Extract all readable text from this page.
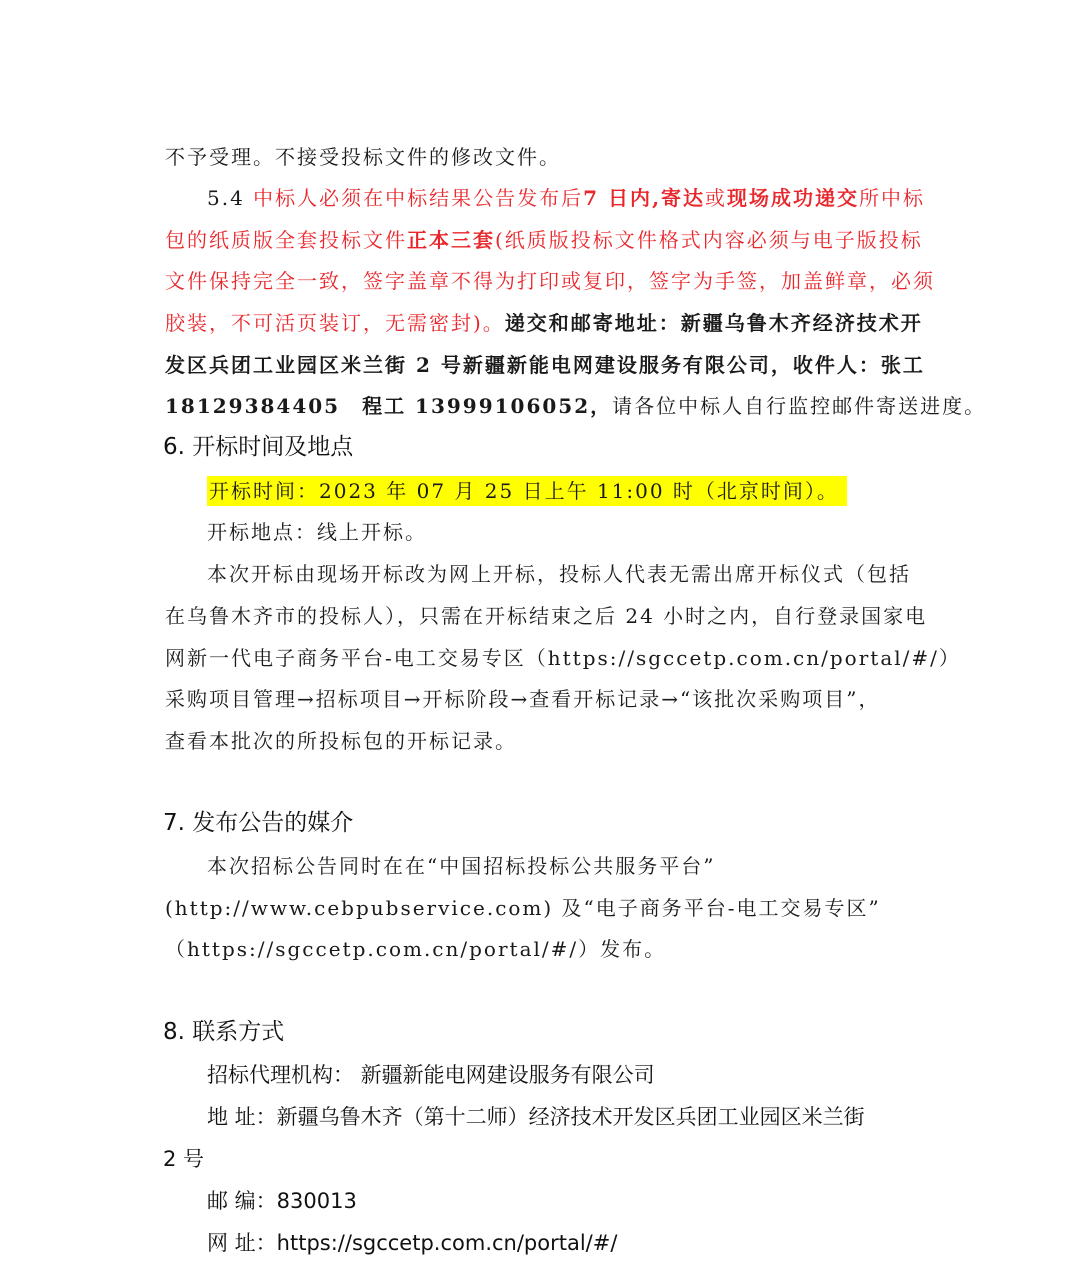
不予受理。不接受投标文件的修改文件。
5.4 中标人必须在中标结果公告发布后7 日内,寄达或现场成功递交所中标
包的纸质版全套投标文件正本三套(纸质版投标文件格式内容必须与电子版投标
文件保持完全一致，签字盖章不得为打印或复印，签字为手签，加盖鲜章，必须
胶装，不可活页装订，无需密封)。递交和邮寄地址：新疆乌鲁木齐经济技术开
发区兵团工业园区米兰街 2 号新疆新能电网建设服务有限公司，收件人：张工
18129384405 程工 13999106052，请各位中标人自行监控邮件寄送进度。
6. 开标时间及地点
开标时间：2023 年 07 月 25 日上午 11:00 时（北京时间）。
开标地点：线上开标。
本次开标由现场开标改为网上开标，投标人代表无需出席开标仪式（包括
在乌鲁木齐市的投标人），只需在开标结束之后 24 小时之内，自行登录国家电
网新一代电子商务平台-电工交易专区（https://sgccetp.com.cn/portal/#/）
采购项目管理→招标项目→开标阶段→查看开标记录→“该批次采购项目”，
查看本批次的所投标包的开标记录。
7. 发布公告的媒介
本次招标公告同时在在“中国招标投标公共服务平台”
(http://www.cebpubservice.com) 及“电子商务平台-电工交易专区”
（https://sgccetp.com.cn/portal/#/）发布。
8. 联系方式
招标代理机构： 新疆新能电网建设服务有限公司
地 址：新疆乌鲁木齐（第十二师）经济技术开发区兵团工业园区米兰街
2 号
邮 编：830013
网 址：https://sgccetp.com.cn/portal/#/
